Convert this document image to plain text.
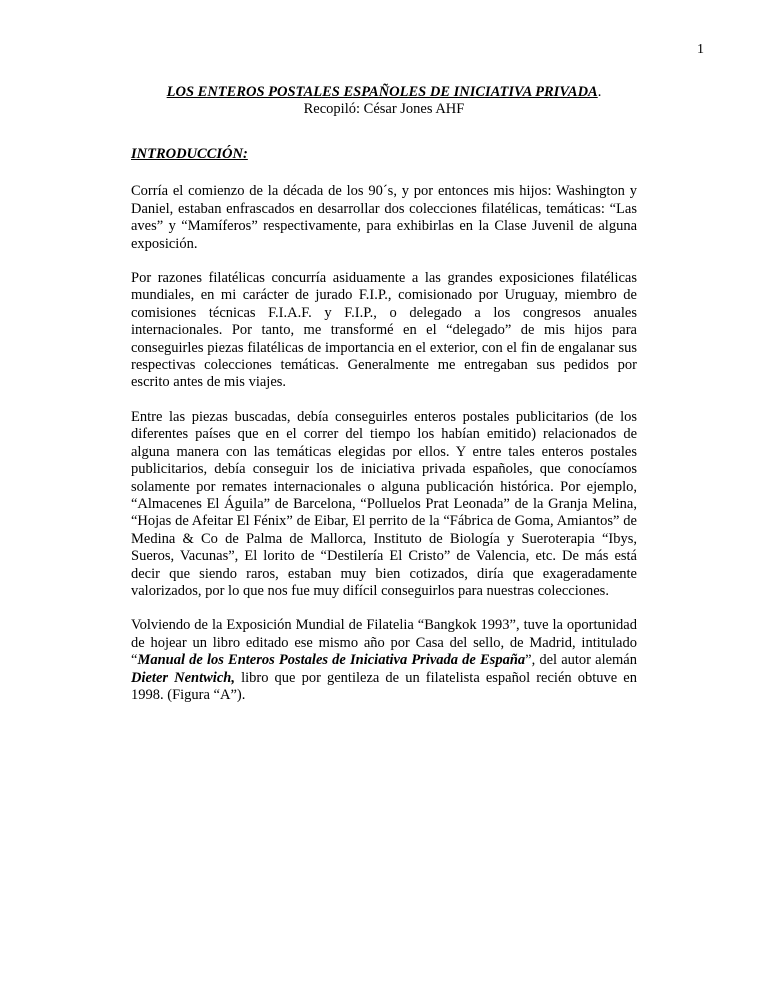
1
LOS ENTEROS POSTALES ESPAÑOLES DE INICIATIVA PRIVADA.
Recopiló: César Jones AHF
INTRODUCCIÓN:

Corría el comienzo de la década de los 90´s, y por entonces mis hijos: Washington y Daniel, estaban enfrascados en desarrollar dos colecciones filatélicas, temáticas: “Las aves” y “Mamíferos” respectivamente, para exhibirlas en la Clase Juvenil de alguna exposición.

Por razones filatélicas concurría asiduamente a las grandes exposiciones filatélicas mundiales, en mi carácter de jurado F.I.P., comisionado por Uruguay, miembro de comisiones técnicas F.I.A.F. y F.I.P., o delegado a los congresos anuales internacionales. Por tanto, me transformé en el “delegado” de mis hijos para conseguirles piezas filatélicas de importancia en el exterior, con el fin de engalanar sus respectivas colecciones temáticas. Generalmente me entregaban sus pedidos por escrito antes de mis viajes.

Entre las piezas buscadas, debía conseguirles enteros postales publicitarios (de los diferentes países que en el correr del tiempo los habían emitido) relacionados de alguna manera con las temáticas elegidas por ellos. Y entre tales enteros postales publicitarios, debía conseguir los de iniciativa privada españoles, que conocíamos solamente por remates internacionales o alguna publicación histórica. Por ejemplo, “Almacenes El Águila” de Barcelona, “Polluelos Prat Leonada” de la Granja Melina, “Hojas de Afeitar El Fénix” de Eibar, El perrito de la “Fábrica de Goma, Amiantos” de Medina & Co de Palma de Mallorca, Instituto de Biología y Sueroterapia “Ibys, Sueros, Vacunas”, El lorito de “Destilería El Cristo” de Valencia, etc. De más está decir que siendo raros, estaban muy bien cotizados, diría que exageradamente valorizados, por lo que nos fue muy difícil conseguirlos para nuestras colecciones.

Volviendo de la Exposición Mundial de Filatelia “Bangkok 1993”, tuve la oportunidad de hojear un libro editado ese mismo año por Casa del sello, de Madrid, intitulado “Manual de los Enteros Postales de Iniciativa Privada de España”, del autor alemán Dieter Nentwich, libro que por gentileza de un filatelista español recién obtuve en 1998. (Figura “A”).
